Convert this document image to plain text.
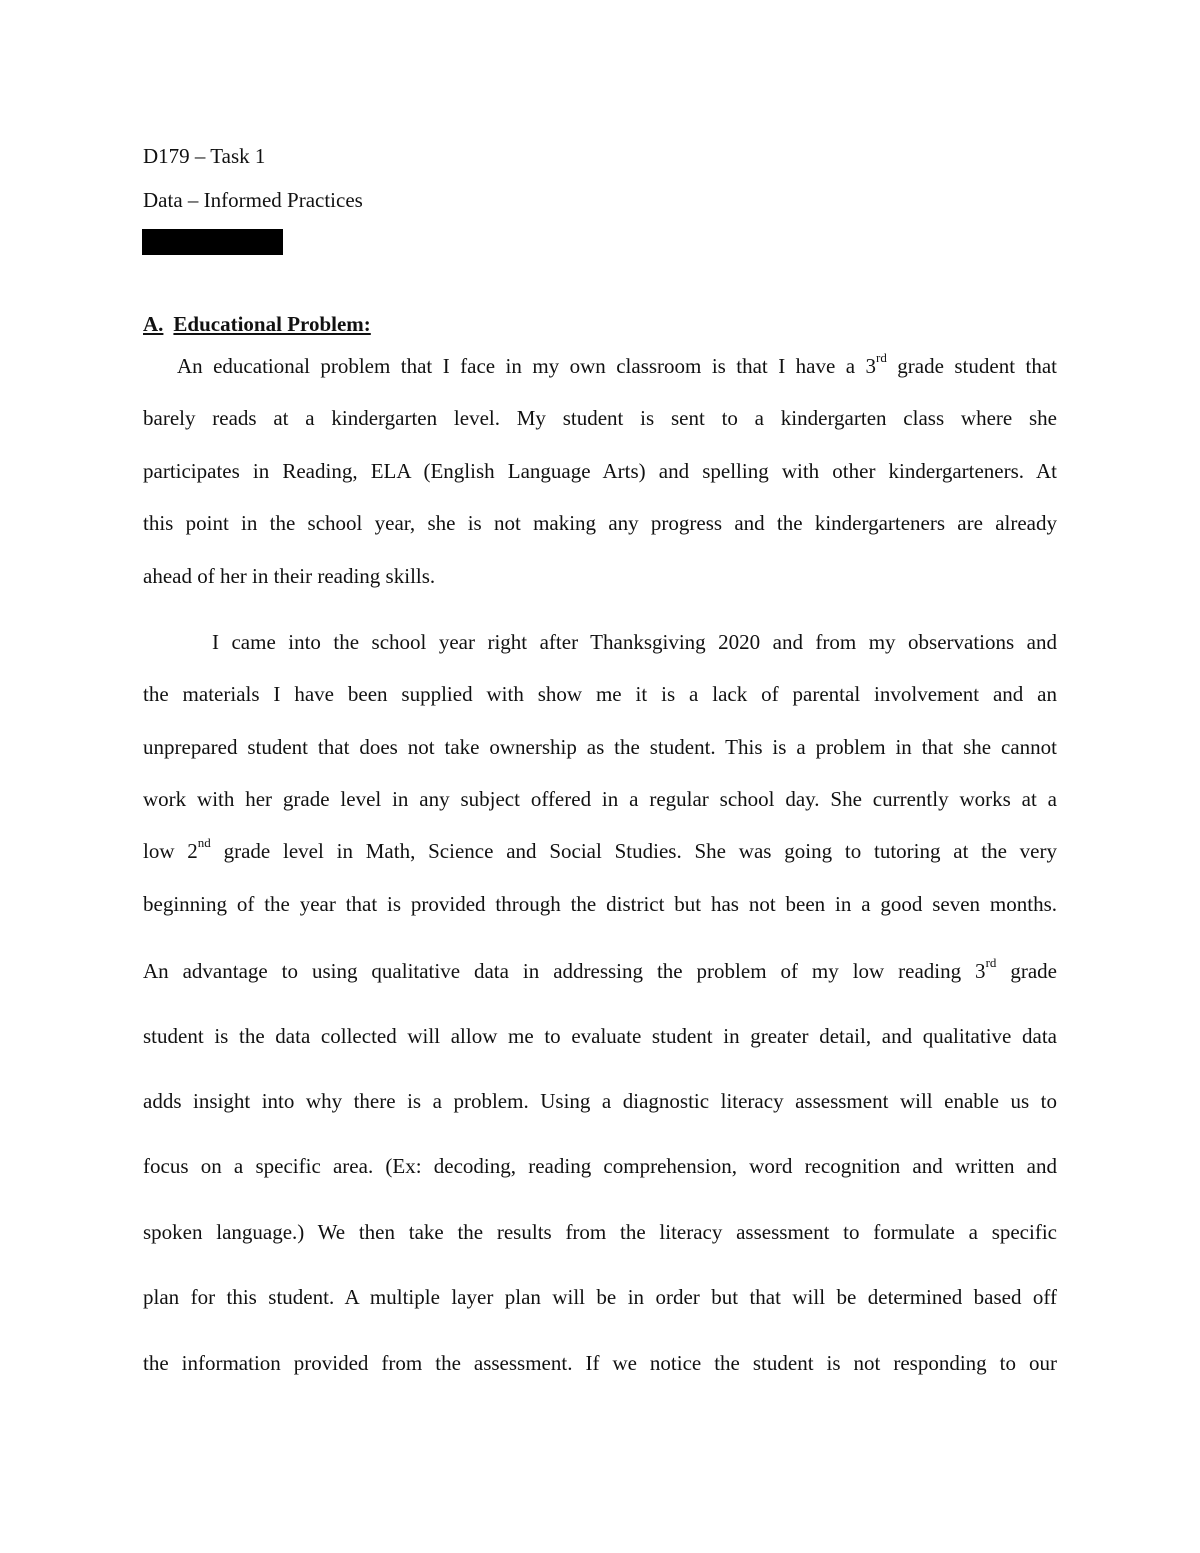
D179 – Task 1
Data – Informed Practices
A. Educational Problem:
An educational problem that I face in my own classroom is that I have a 3rd grade student that
barely reads at a kindergarten level. My student is sent to a kindergarten class where she
participates in Reading, ELA (English Language Arts) and spelling with other kindergarteners. At
this point in the school year, she is not making any progress and the kindergarteners are already
ahead of her in their reading skills.
I came into the school year right after Thanksgiving 2020 and from my observations and
the materials I have been supplied with show me it is a lack of parental involvement and an
unprepared student that does not take ownership as the student. This is a problem in that she cannot
work with her grade level in any subject offered in a regular school day. She currently works at a
low 2nd grade level in Math, Science and Social Studies. She was going to tutoring at the very
beginning of the year that is provided through the district but has not been in a good seven months.
An advantage to using qualitative data in addressing the problem of my low reading 3rd grade
student is the data collected will allow me to evaluate student in greater detail, and qualitative data
adds insight into why there is a problem. Using a diagnostic literacy assessment will enable us to
focus on a specific area. (Ex: decoding, reading comprehension, word recognition and written and
spoken language.) We then take the results from the literacy assessment to formulate a specific
plan for this student. A multiple layer plan will be in order but that will be determined based off
the information provided from the assessment. If we notice the student is not responding to our
